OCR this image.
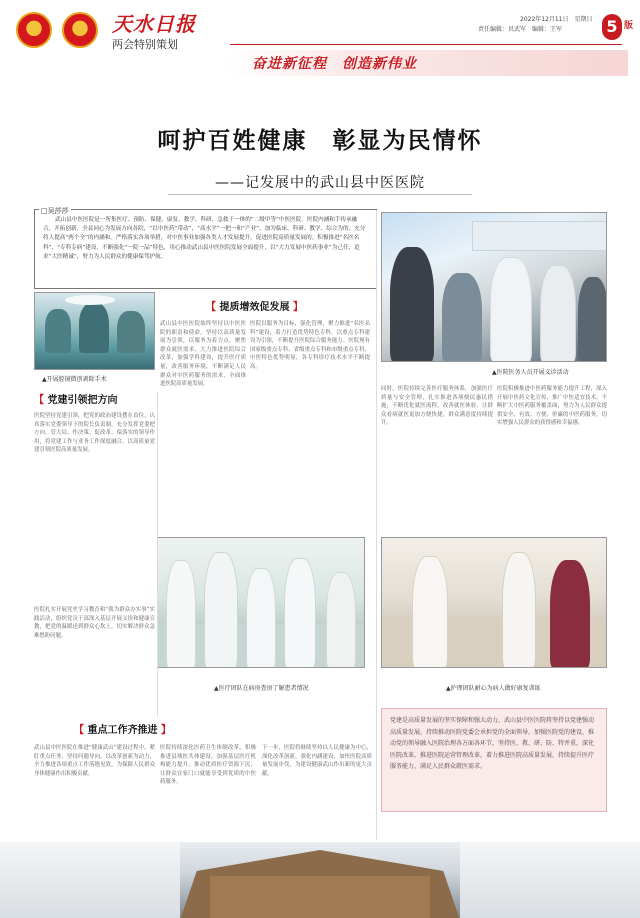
天水日报
两会特别策划
2022年12月11日　星期日
责任编辑：贝武军　编辑：王军	5 版
奋进新征程　创造新伟业
呵护百姓健康　彰显为民情怀
——记发展中的武山县中医医院
□吴莎莎

武山县中医医院是一所集医疗、预防、保健、康复、教学、科研、急救于一体的“二级甲等”中医医院。医院内涵和手传承融合，开拓创新，全县同心为发展方向各院，“以中医药”带动”，“高水平”一把一和“产业”，加为临床、科研、教学、综合为的、充分将人提高“两个全”的内涵和。严格落实各项举措，对中医事业加强各类人才发展提升，促进医院高质量发展的。积极推进“名医名科”、“专科专病”建设，不断强化“一院一品”特色，用心推动武山县中医医院发展全面提升，以“大力发展中医药事业”为己任，追求“大医精诚”，努力为人民群众的健康保驾护航。

▲开展腔镜微创剥除手术
▲医院医务人员开展义诊活动
▲医疗团队在病房查房了解患者情况	▲护理团队耐心为病人做好康复训练
【 提质增效促发展 】
【 党建引领把方向
【 重点工作齐推进 】
武山县中医医院始终坚持以中医医院的职责和使命，坚持以高质量发展为引领，以服务为着力点，聚焦群众就医需求，大力推进医院综合改革，加强学科建设，提升医疗质量，改善服务环境，不断满足人民群众对中医药服务的需求，全面推进医院高质量发展。
医院以服务为目标，强化管理，聚力推进“名医名科”建设，着力打造优势特色专科，以重点专科建设为引领，不断提升医院综合服务能力。医院现有国家级重点专科、省级重点专科和市级重点专科，中医特色优势明显，各专科诊疗技术水平不断提高。
同时，医院持续完善医疗服务体系，加强医疗质量与安全管理，扎实推进各项便民惠民措施，不断优化就医流程，改善就医体验，让群众看病就医更加方便快捷，群众满意度持续提升。
医院积极推进中医药服务能力提升工程，深入开展中医药文化宣传，推广中医适宜技术，不断扩大中医药服务覆盖面，努力为人民群众提供安全、有效、方便、价廉的中医药服务，切实增强人民群众的获得感和幸福感。
医院坚持党建引领，把党的政治建设摆在首位，认真落实党委领导下的院长负责制，充分发挥党委把方向、管大局、作决策、促改革、保落实的领导作用，将党建工作与业务工作深度融合，以高质量党建引领医院高质量发展。
医院扎实开展党史学习教育和“我为群众办实事”实践活动，组织党员干部深入基层开展义诊和健康宣教，把党的温暖送到群众心坎上，切实解决群众急难愁盼问题。
武山县中医医院在推进“健康武山”建设过程中，紧盯重点任务，坚持问题导向，以改革创新为动力，全力推进各项重点工作落地见效，为保障人民群众身体健康作出积极贡献。
医院持续深化医药卫生体制改革，积极推进县域医共体建设，加强基层医疗机构能力提升，推动优质医疗资源下沉，让群众在家门口就能享受到优质的中医药服务。
下一步，医院将继续坚持以人民健康为中心，深化改革创新，强化内涵建设，加快医院高质量发展步伐，为建设健康武山作出新的更大贡献。

党建是高质量发展的坚实保障和强大动力，武山县中医医院将坚持以党建强动高质量发展，持续推动医院党委会承担党的全面领导，加强医院党的建设，推动党的领导融入医院治理各方面各环节，坚持医、教、研、防、特并重，深化医院改革，推进医院运营管理改革，着力推进医院高质量发展，持续提升医疗服务能力，满足人民群众就医需求。
